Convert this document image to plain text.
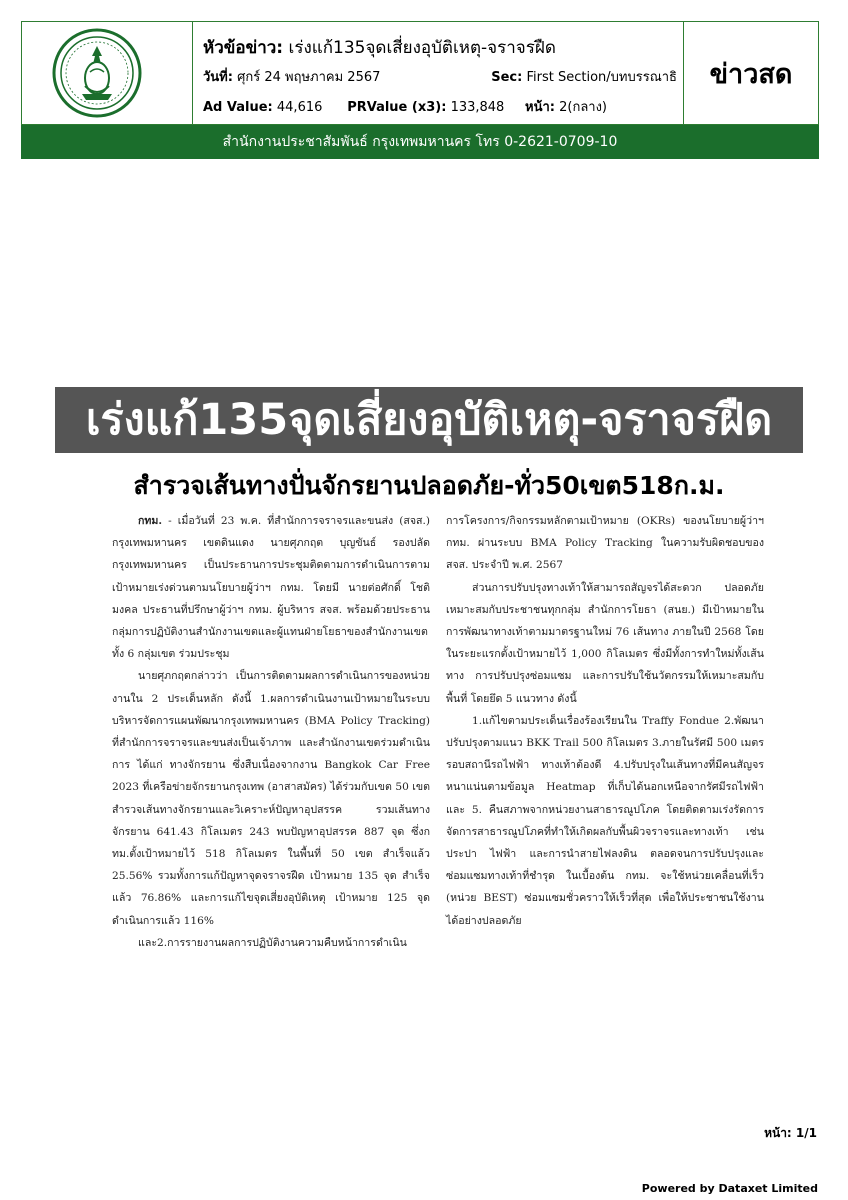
หัวข้อข่าว: เร่งแก้135จุดเสี่ยงอุบัติเหตุ-จราจรฝืด
วันที่: ศุกร์ 24 พฤษภาคม 2567	Sec: First Section/บทบรรณาธิ
Ad Value: 44,616 PRValue (x3): 133,848 หน้า: 2(กลาง)
ข่าวสด
สำนักงานประชาสัมพันธ์ กรุงเทพมหานคร โทร 0-2621-0709-10
เร่งแก้135จุดเสี่ยงอุบัติเหตุ-จราจรฝืด
สำรวจเส้นทางปั่นจักรยานปลอดภัย-ทั่ว50เขต518ก.ม.

กทม. - เมื่อวันที่ 23 พ.ค. ที่สำนักการจราจรและขนส่ง (สจส.) กรุงเทพมหานคร เขตดินแดง นายศุภกฤต บุญขันธ์ รองปลัดกรุงเทพมหานคร เป็นประธานการประชุมติดตามการดำเนินการตามเป้าหมายเร่งด่วนตามนโยบายผู้ว่าฯ กทม. โดยมี นายต่อศักดิ์ โชติมงคล ประธานที่ปรึกษาผู้ว่าฯ กทม. ผู้บริหาร สจส. พร้อมด้วยประธานกลุ่มการปฏิบัติงานสำนักงานเขตและผู้แทนฝ่ายโยธาของสำนักงานเขต ทั้ง 6 กลุ่มเขต ร่วมประชุม

นายศุภกฤตกล่าวว่า เป็นการติดตามผลการดำเนินการของหน่วยงานใน 2 ประเด็นหลัก ดังนี้ 1.ผลการดำเนินงานเป้าหมายในระบบบริหารจัดการแผนพัฒนากรุงเทพมหานคร (BMA Policy Tracking) ที่สำนักการจราจรและขนส่งเป็นเจ้าภาพ และสำนักงานเขตร่วมดำเนินการ ได้แก่ ทางจักรยาน ซึ่งสืบเนื่องจากงาน Bangkok Car Free 2023 ที่เครือข่ายจักรยานกรุงเทพ (อาสาสมัคร) ได้ร่วมกับเขต 50 เขต สำรวจเส้นทางจักรยานและวิเคราะห์ปัญหาอุปสรรค รวมเส้นทางจักรยาน 641.43 กิโลเมตร 243 พบปัญหาอุปสรรค 887 จุด ซึ่งกทม.ตั้งเป้าหมายไว้ 518 กิโลเมตร ในพื้นที่ 50 เขต สำเร็จแล้ว 25.56% รวมทั้งการแก้ปัญหาจุดจราจรฝืด เป้าหมาย 135 จุด สำเร็จแล้ว 76.86% และการแก้ไขจุดเสี่ยงอุบัติเหตุ เป้าหมาย 125 จุด ดำเนินการแล้ว 116%

และ2.การรายงานผลการปฏิบัติงานความคืบหน้าการดำเนิน

การโครงการ/กิจกรรมหลักตามเป้าหมาย (OKRs) ของนโยบายผู้ว่าฯ กทม. ผ่านระบบ BMA Policy Tracking ในความรับผิดชอบของ สจส. ประจำปี พ.ศ. 2567

ส่วนการปรับปรุงทางเท้าให้สามารถสัญจรได้สะดวก ปลอดภัย เหมาะสมกับประชาชนทุกกลุ่ม สำนักการโยธา (สนย.) มีเป้าหมายในการพัฒนาทางเท้าตามมาตรฐานใหม่ 76 เส้นทาง ภายในปี 2568 โดยในระยะแรกตั้งเป้าหมายไว้ 1,000 กิโลเมตร ซึ่งมีทั้งการทำใหม่ทั้งเส้นทาง การปรับปรุงซ่อมแซม และการปรับใช้นวัตกรรมให้เหมาะสมกับพื้นที่ โดยยึด 5 แนวทาง ดังนี้

1.แก้ไขตามประเด็นเรื่องร้องเรียนใน Traffy Fondue 2.พัฒนาปรับปรุงตามแนว BKK Trail 500 กิโลเมตร 3.ภายในรัศมี 500 เมตรรอบสถานีรถไฟฟ้า ทางเท้าต้องดี 4.ปรับปรุงในเส้นทางที่มีคนสัญจรหนาแน่นตามข้อมูล Heatmap ที่เก็บได้นอกเหนือจากรัศมีรถไฟฟ้า และ 5. คืนสภาพจากหน่วยงานสาธารณูปโภค โดยติดตามเร่งรัดการจัดการสาธารณูปโภคที่ทำให้เกิดผลกับพื้นผิวจราจรและทางเท้า เช่น ประปา ไฟฟ้า และการนำสายไฟลงดิน ตลอดจนการปรับปรุงและซ่อมแซมทางเท้าที่ชำรุด ในเบื้องต้น กทม. จะใช้หน่วยเคลื่อนที่เร็ว (หน่วย BEST) ซ่อมแซมชั่วคราวให้เร็วที่สุด เพื่อให้ประชาชนใช้งานได้อย่างปลอดภัย

หน้า: 1/1
Powered by Dataxet Limited
